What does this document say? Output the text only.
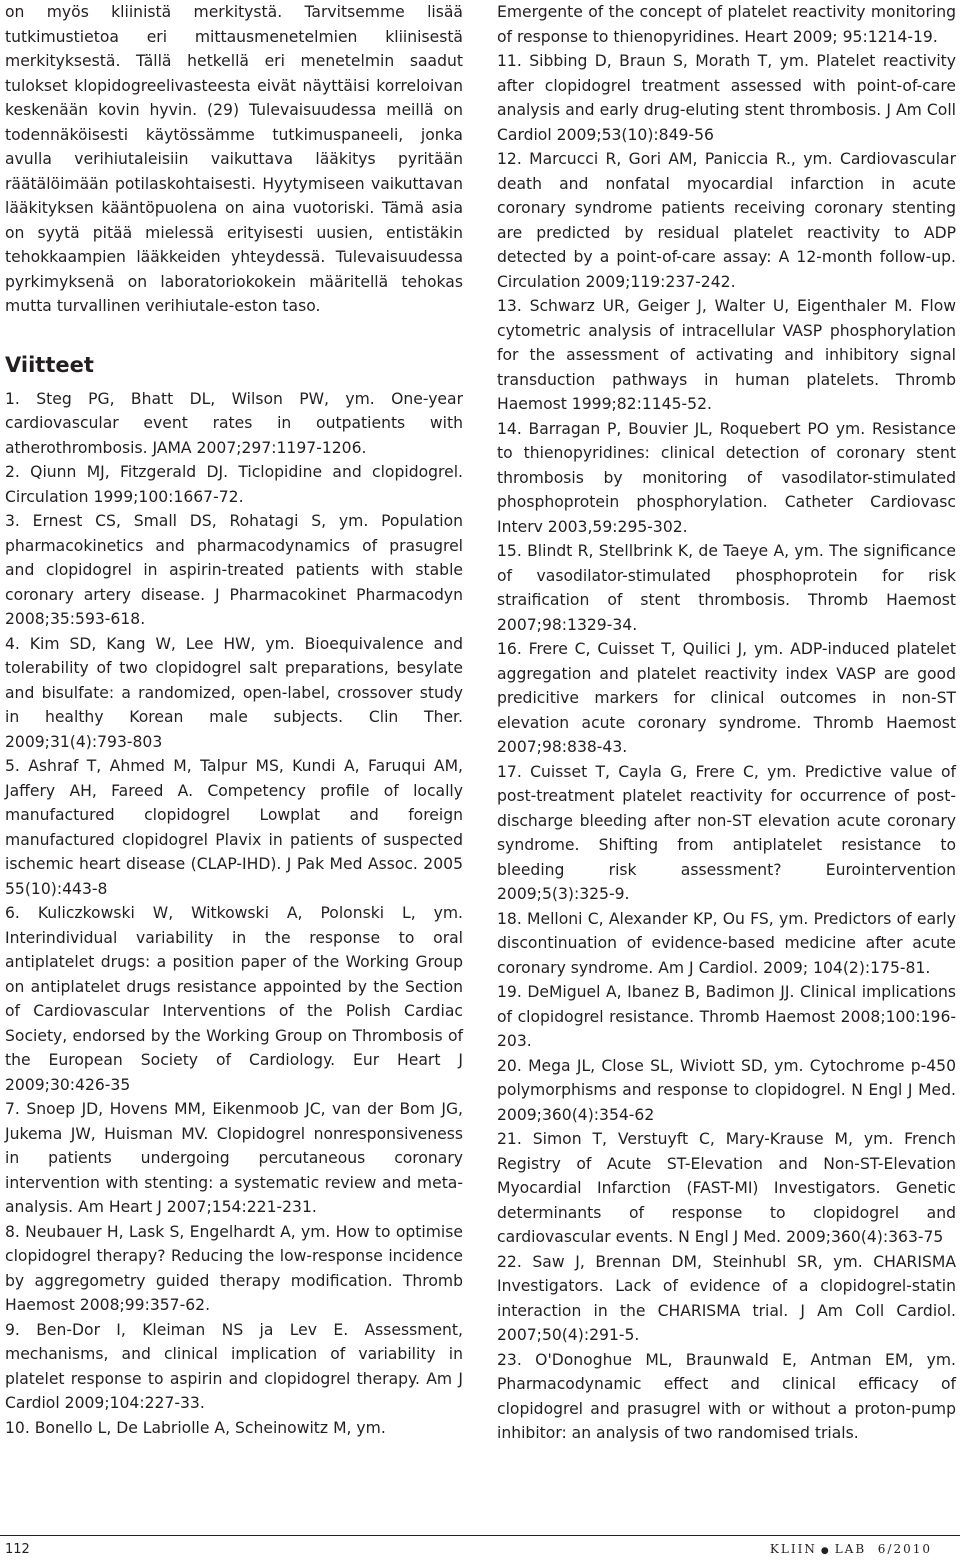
on myös kliinistä merkitystä. Tarvitsemme lisää tutkimustietoa eri mittausmenetelmien kliinisestä merkityksestä. Tällä hetkellä eri menetelmin saadut tulokset klopidogreelivasteesta eivät näyttäisi korreloivan keskenään kovin hyvin. (29) Tulevaisuudessa meillä on todennäköisesti käytössämme tutkimuspaneeli, jonka avulla verihiutaleisiin vaikuttava lääkitys pyritään räätälöimään potilaskohtaisesti. Hyytymiseen vaikuttavan lääkityksen kääntöpuolena on aina vuotoriski. Tämä asia on syytä pitää mielessä erityisesti uusien, entistäkin tehokkaampien lääkkeiden yhteydessä. Tulevaisuudessa pyrkimyksenä on laboratoriokokein määritellä tehokas mutta turvallinen verihiutale-eston taso.

Viitteet

1. Steg PG, Bhatt DL, Wilson PW, ym. One-year cardiovascular event rates in outpatients with atherothrombosis. JAMA 2007;297:1197-1206.

2. Qiunn MJ, Fitzgerald DJ. Ticlopidine and clopidogrel. Circulation 1999;100:1667-72.

3. Ernest CS, Small DS, Rohatagi S, ym. Population pharmacokinetics and pharmacodynamics of prasugrel and clopidogrel in aspirin-treated patients with stable coronary artery disease. J Pharmacokinet Pharmacodyn 2008;35:593-618.

4. Kim SD, Kang W, Lee HW, ym. Bioequivalence and tolerability of two clopidogrel salt preparations, besylate and bisulfate: a randomized, open-label, crossover study in healthy Korean male subjects. Clin Ther. 2009;31(4):793-803

5. Ashraf T, Ahmed M, Talpur MS, Kundi A, Faruqui AM, Jaffery AH, Fareed A. Competency profile of locally manufactured clopidogrel Lowplat and foreign manufactured clopidogrel Plavix in patients of suspected ischemic heart disease (CLAP-IHD). J Pak Med Assoc. 2005 55(10):443-8

6. Kuliczkowski W, Witkowski A, Polonski L, ym. Interindividual variability in the response to oral antiplatelet drugs: a position paper of the Working Group on antiplatelet drugs resistance appointed by the Section of Cardiovascular Interventions of the Polish Cardiac Society, endorsed by the Working Group on Thrombosis of the European Society of Cardiology. Eur Heart J 2009;30:426-35

7. Snoep JD, Hovens MM, Eikenmoob JC, van der Bom JG, Jukema JW, Huisman MV. Clopidogrel nonresponsiveness in patients undergoing percutaneous coronary intervention with stenting: a systematic review and meta-analysis. Am Heart J 2007;154:221-231.

8. Neubauer H, Lask S, Engelhardt A, ym. How to optimise clopidogrel therapy? Reducing the low-response incidence by aggregometry guided therapy modification. Thromb Haemost 2008;99:357-62.

9. Ben-Dor I, Kleiman NS ja Lev E. Assessment, mechanisms, and clinical implication of variability in platelet response to aspirin and clopidogrel therapy. Am J Cardiol 2009;104:227-33.

10. Bonello L, De Labriolle A, Scheinowitz M, ym.

Emergente of the concept of platelet reactivity monitoring of response to thienopyridines. Heart 2009; 95:1214-19.

11. Sibbing D, Braun S, Morath T, ym. Platelet reactivity after clopidogrel treatment assessed with point-of-care analysis and early drug-eluting stent thrombosis. J Am Coll Cardiol 2009;53(10):849-56

12. Marcucci R, Gori AM, Paniccia R., ym. Cardiovascular death and nonfatal myocardial infarction in acute coronary syndrome patients receiving coronary stenting are predicted by residual platelet reactivity to ADP detected by a point-of-care assay: A 12-month follow-up. Circulation 2009;119:237-242.

13. Schwarz UR, Geiger J, Walter U, Eigenthaler M. Flow cytometric analysis of intracellular VASP phosphorylation for the assessment of activating and inhibitory signal transduction pathways in human platelets. Thromb Haemost 1999;82:1145-52.

14. Barragan P, Bouvier JL, Roquebert PO ym. Resistance to thienopyridines: clinical detection of coronary stent thrombosis by monitoring of vasodilator-stimulated phosphoprotein phosphorylation. Catheter Cardiovasc Interv 2003,59:295-302.

15. Blindt R, Stellbrink K, de Taeye A, ym. The significance of vasodilator-stimulated phosphoprotein for risk straification of stent thrombosis. Thromb Haemost 2007;98:1329-34.

16. Frere C, Cuisset T, Quilici J, ym. ADP-induced platelet aggregation and platelet reactivity index VASP are good predicitive markers for clinical outcomes in non-ST elevation acute coronary syndrome. Thromb Haemost 2007;98:838-43.

17. Cuisset T, Cayla G, Frere C, ym. Predictive value of post-treatment platelet reactivity for occurrence of post-discharge bleeding after non-ST elevation acute coronary syndrome. Shifting from antiplatelet resistance to bleeding risk assessment? Eurointervention 2009;5(3):325-9.

18. Melloni C, Alexander KP, Ou FS, ym. Predictors of early discontinuation of evidence-based medicine after acute coronary syndrome. Am J Cardiol. 2009; 104(2):175-81.

19. DeMiguel A, Ibanez B, Badimon JJ. Clinical implications of clopidogrel resistance. Thromb Haemost 2008;100:196-203.

20. Mega JL, Close SL, Wiviott SD, ym. Cytochrome p-450 polymorphisms and response to clopidogrel. N Engl J Med. 2009;360(4):354-62

21. Simon T, Verstuyft C, Mary-Krause M, ym. French Registry of Acute ST-Elevation and Non-ST-Elevation Myocardial Infarction (FAST-MI) Investigators. Genetic determinants of response to clopidogrel and cardiovascular events. N Engl J Med. 2009;360(4):363-75

22. Saw J, Brennan DM, Steinhubl SR, ym. CHARISMA Investigators. Lack of evidence of a clopidogrel-statin interaction in the CHARISMA trial. J Am Coll Cardiol. 2007;50(4):291-5.

23. O'Donoghue ML, Braunwald E, Antman EM, ym. Pharmacodynamic effect and clinical efficacy of clopidogrel and prasugrel with or without a proton-pump inhibitor: an analysis of two randomised trials.

112	KLIIN ● LAB 6/2010
